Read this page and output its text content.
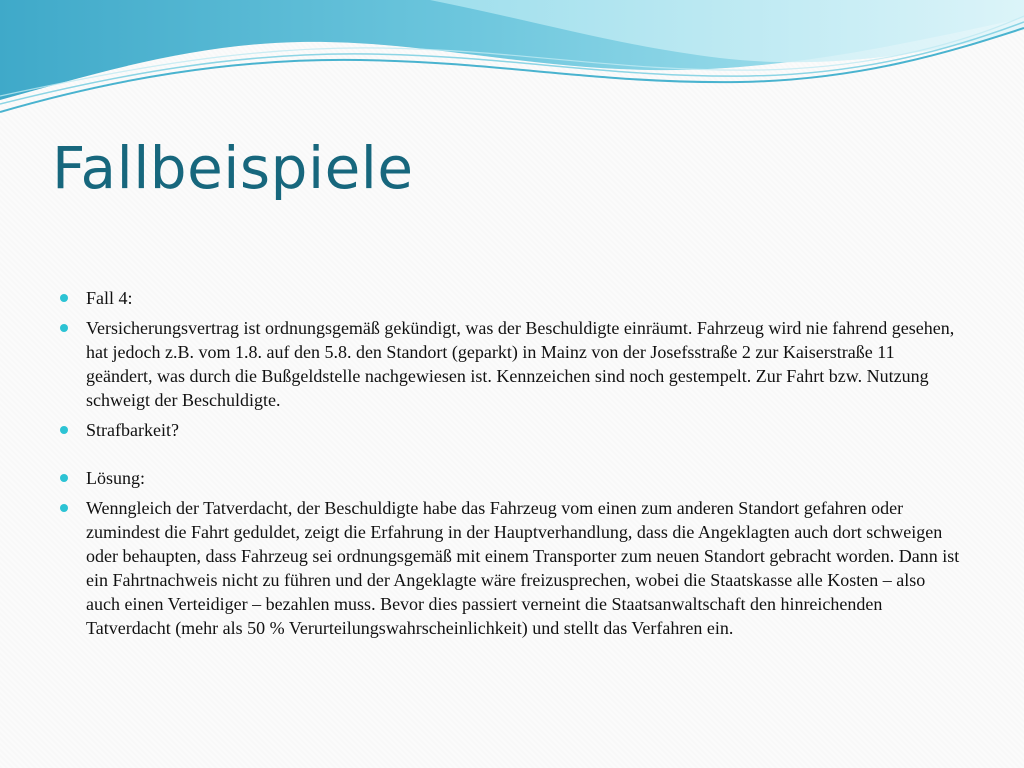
Fallbeispiele
Fall 4:
Versicherungsvertrag ist ordnungsgemäß gekündigt, was der Beschuldigte einräumt. Fahrzeug wird nie fahrend gesehen, hat jedoch z.B. vom 1.8. auf den 5.8. den Standort (geparkt) in Mainz von der Josefsstraße 2 zur Kaiserstraße 11 geändert, was durch die Bußgeldstelle nachgewiesen ist. Kennzeichen sind noch gestempelt. Zur Fahrt bzw. Nutzung schweigt der Beschuldigte.
Strafbarkeit?
Lösung:
Wenngleich der Tatverdacht, der Beschuldigte habe das Fahrzeug vom einen zum anderen Standort gefahren oder zumindest die Fahrt geduldet, zeigt die Erfahrung in der Hauptverhandlung, dass die Angeklagten auch dort schweigen oder behaupten, dass Fahrzeug sei ordnungsgemäß mit einem Transporter zum neuen Standort gebracht worden. Dann ist ein Fahrtnachweis nicht zu führen und der Angeklagte wäre freizusprechen, wobei die Staatskasse alle Kosten – also auch einen Verteidiger – bezahlen muss. Bevor dies passiert verneint die Staatsanwaltschaft den hinreichenden Tatverdacht (mehr als 50 % Verurteilungswahrscheinlichkeit) und stellt das Verfahren ein.
